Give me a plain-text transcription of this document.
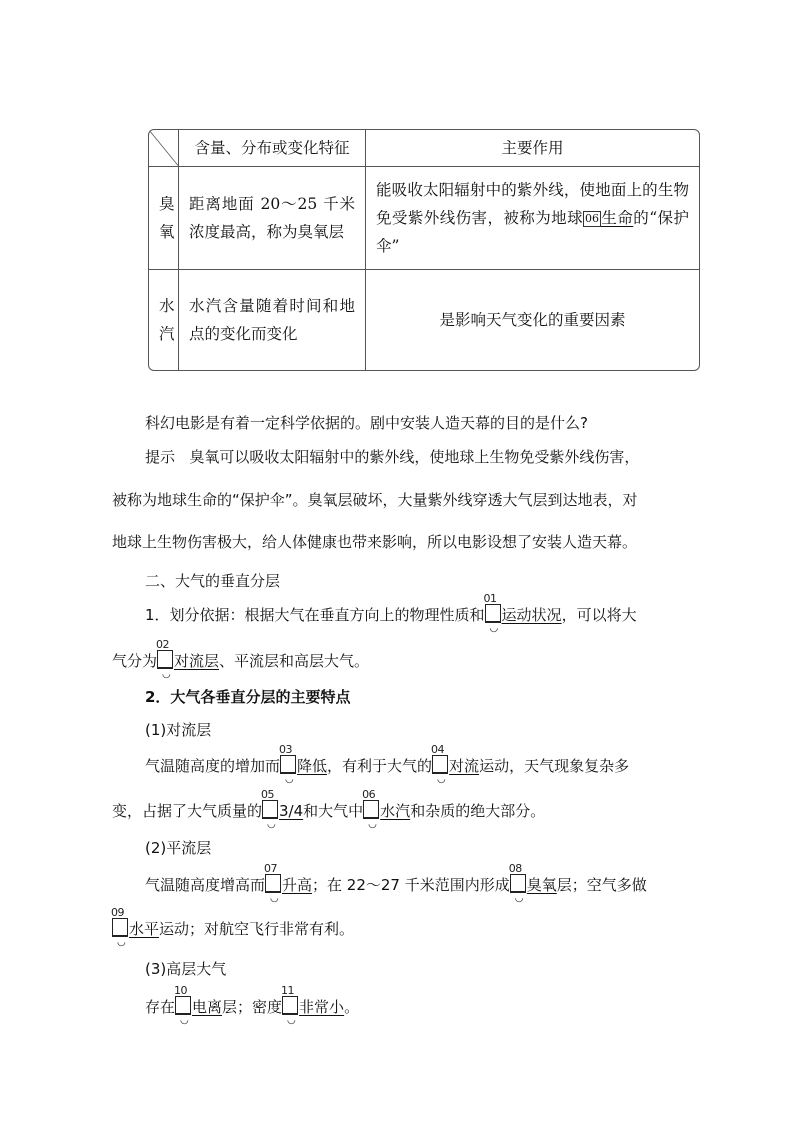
	含量、分布或变化特征	主要作用
臭氧	距离地面 20～25 千米浓度最高，称为臭氧层	能吸收太阳辐射中的紫外线，使地面上的生物免受紫外线伤害，被称为地球 06 生命的“保护伞”
水汽	水汽含量随着时间和地点的变化而变化	是影响天气变化的重要因素
科幻电影是有着一定科学依据的。剧中安装人造天幕的目的是什么?
提示 臭氧可以吸收太阳辐射中的紫外线，使地球上生物免受紫外线伤害，
被称为地球生命的“保护伞”。臭氧层破坏，大量紫外线穿透大气层到达地表，对
地球上生物伤害极大，给人体健康也带来影响，所以电影设想了安装人造天幕。
二、大气的垂直分层
1．划分依据：根据大气在垂直方向上的物理性质和
01
◡
运动状况，可以将大
气分为
02
◡
对流层、平流层和高层大气。
2．大气各垂直分层的主要特点
(1)对流层
气温随高度的增加而
03
◡
降低，有利于大气的
04
◡
对流运动，天气现象复杂多
变，占据了大气质量的
05
◡
3/4和大气中
06
◡
水汽和杂质的绝大部分。
(2)平流层
气温随高度增高而
07
◡
升高；在 22～27 千米范围内形成
08
◡
臭氧层；空气多做
09
◡
水平运动；对航空飞行非常有利。
(3)高层大气
存在
10
◡
电离层；密度
11
◡
非常小。
